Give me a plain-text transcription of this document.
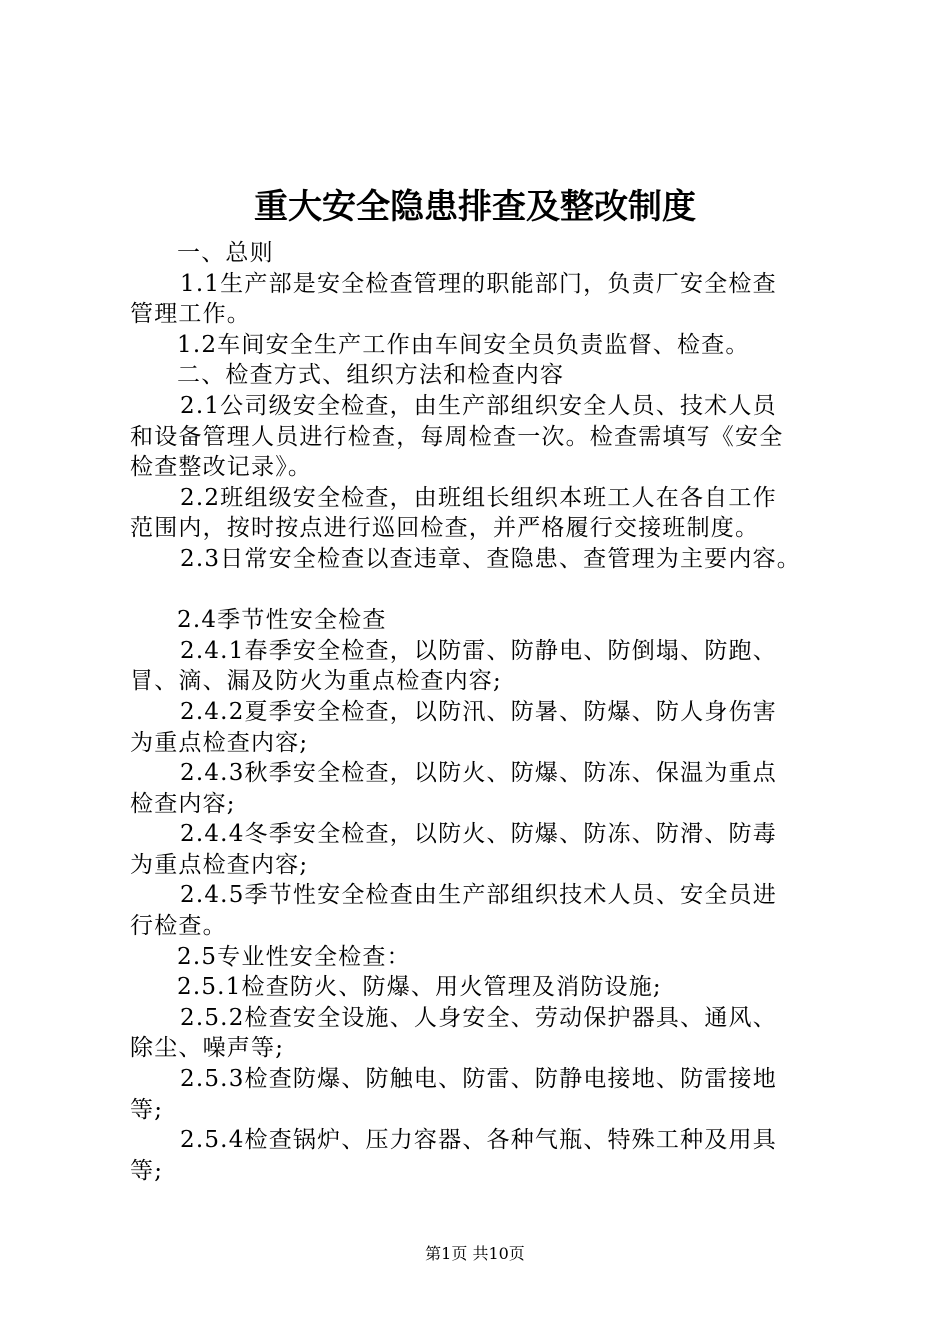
重大安全隐患排查及整改制度
一、总则
1.1生产部是安全检查管理的职能部门，负责厂安全检查
管理工作。
1.2车间安全生产工作由车间安全员负责监督、检查。
二、检查方式、组织方法和检查内容
2.1公司级安全检查，由生产部组织安全人员、技术人员
和设备管理人员进行检查，每周检查一次。检查需填写《安全
检查整改记录》。
2.2班组级安全检查，由班组长组织本班工人在各自工作
范围内，按时按点进行巡回检查，并严格履行交接班制度。
2.3日常安全检查以查违章、查隐患、查管理为主要内容。
2.4季节性安全检查
2.4.1春季安全检查，以防雷、防静电、防倒塌、防跑、
冒、滴、漏及防火为重点检查内容;
2.4.2夏季安全检查，以防汛、防暑、防爆、防人身伤害
为重点检查内容;
2.4.3秋季安全检查，以防火、防爆、防冻、保温为重点
检查内容;
2.4.4冬季安全检查，以防火、防爆、防冻、防滑、防毒
为重点检查内容;
2.4.5季节性安全检查由生产部组织技术人员、安全员进
行检查。
2.5专业性安全检查：
2.5.1检查防火、防爆、用火管理及消防设施;
2.5.2检查安全设施、人身安全、劳动保护器具、通风、
除尘、噪声等;
2.5.3检查防爆、防触电、防雷、防静电接地、防雷接地
等;
2.5.4检查锅炉、压力容器、各种气瓶、特殊工种及用具
等;
第1页 共10页
